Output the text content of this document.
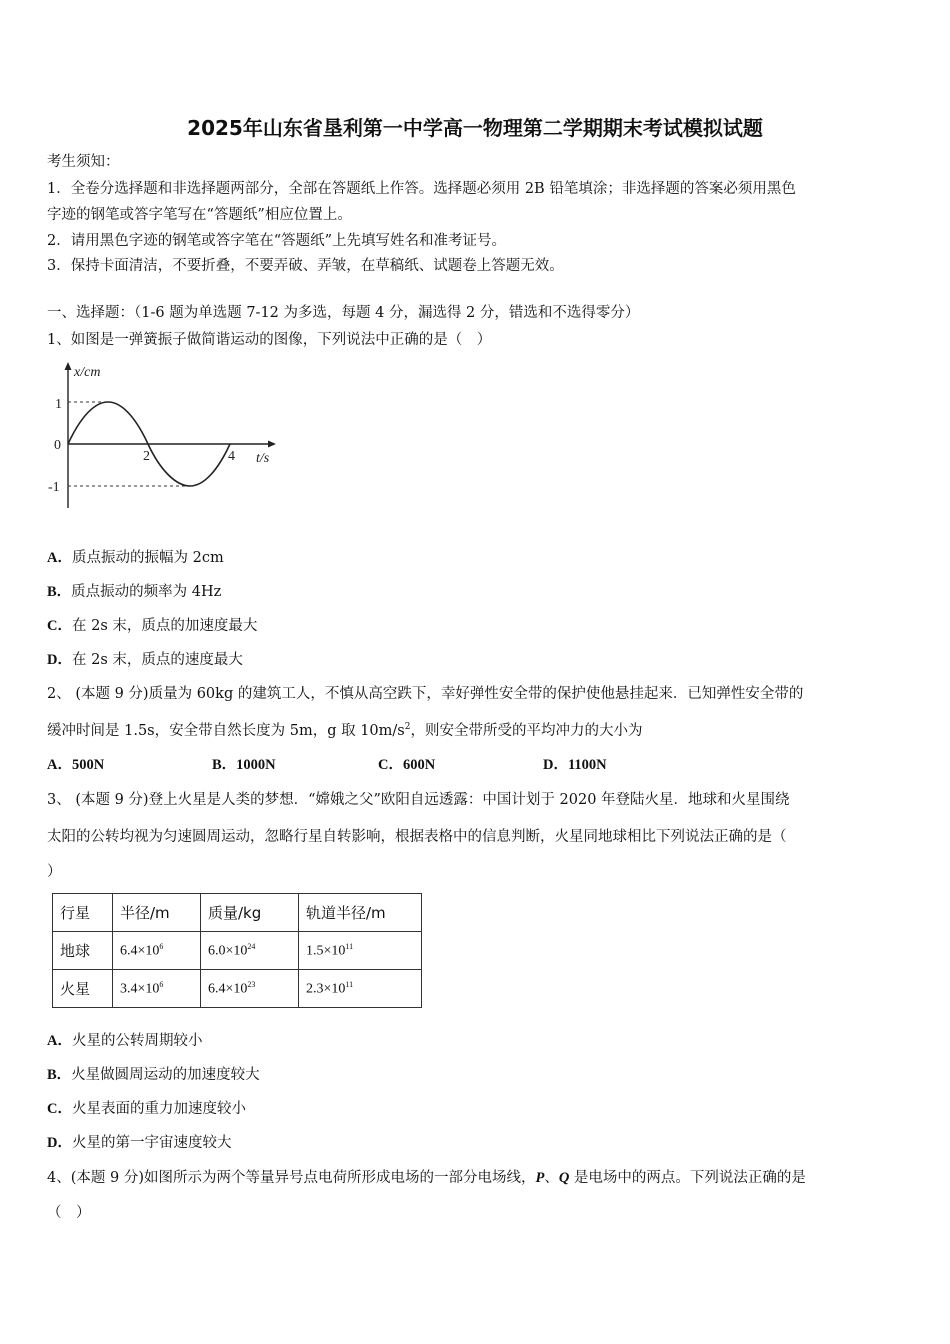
2025年山东省垦利第一中学高一物理第二学期期末考试模拟试题
考生须知：
1．全卷分选择题和非选择题两部分，全部在答题纸上作答。选择题必须用 2B 铅笔填涂；非选择题的答案必须用黑色
字迹的钢笔或答字笔写在“答题纸”相应位置上。
2．请用黑色字迹的钢笔或答字笔在“答题纸”上先填写姓名和准考证号。
3．保持卡面清洁，不要折叠，不要弄破、弄皱，在草稿纸、试题卷上答题无效。
一、选择题：（1-6 题为单选题 7-12 为多选，每题 4 分，漏选得 2 分，错选和不选得零分）
1、如图是一弹簧振子做简谐运动的图像，下列说法中正确的是（　）
x/cm
1
0
-1
2	4 t/s
A．质点振动的振幅为 2cm
B．质点振动的频率为 4Hz
C．在 2s 末，质点的加速度最大
D．在 2s 末，质点的速度最大
2、 (本题 9 分)质量为 60kg 的建筑工人，不慎从高空跌下，幸好弹性安全带的保护使他悬挂起来．已知弹性安全带的
缓冲时间是 1.5s，安全带自然长度为 5m，g 取 $10m/s^2$，则安全带所受的平均冲力的大小为
A．500N	B．1000N	C．600N	D．1100N
3、 (本题 9 分)登上火星是人类的梦想．“嫦娥之父”欧阳自远透露：中国计划于 2020 年登陆火星．地球和火星围绕
太阳的公转均视为匀速圆周运动，忽略行星自转影响，根据表格中的信息判断，火星同地球相比下列说法正确的是（
）
行星	半径/m	质量/kg	轨道半径/m
地球	$6.4\times 10^6$	$6.0\times 10^{24}$	$1.5\times 10^{11}$
火星	$3.4\times 10^6$	$6.4\times 10^{23}$	$2.3\times 10^{11}$
A．火星的公转周期较小
B．火星做圆周运动的加速度较大
C．火星表面的重力加速度较小
D．火星的第一宇宙速度较大
4、(本题 9 分)如图所示为两个等量异号点电荷所形成电场的一部分电场线，P、Q 是电场中的两点。下列说法正确的是
（　）
